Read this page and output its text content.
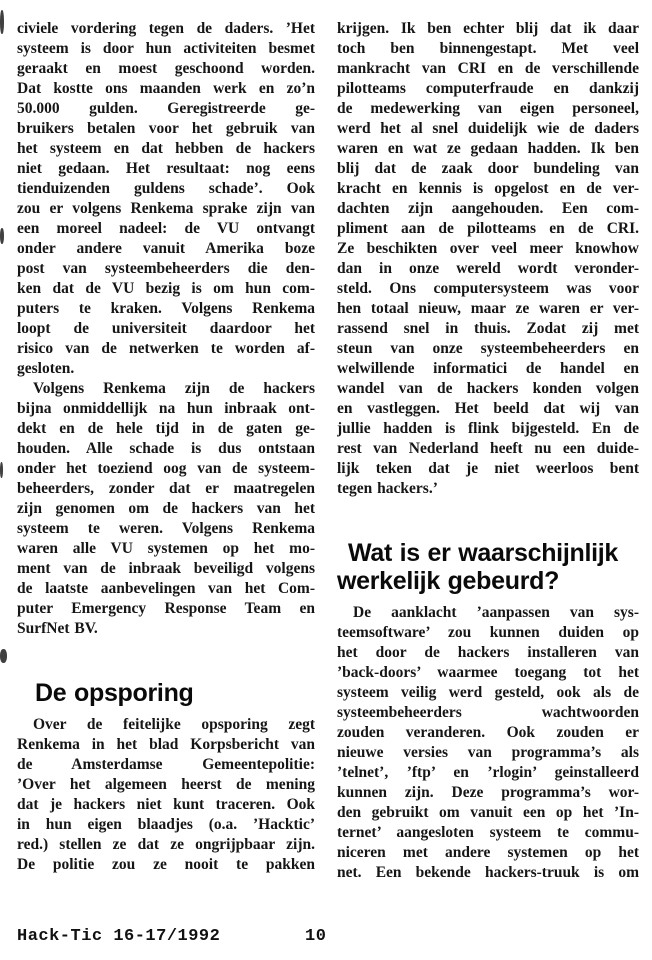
civiele vordering tegen de daders. ’Het
systeem is door hun activiteiten besmet
geraakt en moest geschoond worden.
Dat kostte ons maanden werk en zo’n
50.000 gulden. Geregistreerde ge-
bruikers betalen voor het gebruik van
het systeem en dat hebben de hackers
niet gedaan. Het resultaat: nog eens
tienduizenden guldens schade’. Ook
zou er volgens Renkema sprake zijn van
een moreel nadeel: de VU ontvangt
onder andere vanuit Amerika boze
post van systeembeheerders die den-
ken dat de VU bezig is om hun com-
puters te kraken. Volgens Renkema
loopt de universiteit daardoor het
risico van de netwerken te worden af-
gesloten.
Volgens Renkema zijn de hackers
bijna onmiddellijk na hun inbraak ont-
dekt en de hele tijd in de gaten ge-
houden. Alle schade is dus ontstaan
onder het toeziend oog van de systeem-
beheerders, zonder dat er maatregelen
zijn genomen om de hackers van het
systeem te weren. Volgens Renkema
waren alle VU systemen op het mo-
ment van de inbraak beveiligd volgens
de laatste aanbevelingen van het Com-
puter Emergency Response Team en
SurfNet BV.
De opsporing
Over de feitelijke opsporing zegt
Renkema in het blad Korpsbericht van
de Amsterdamse Gemeentepolitie:
’Over het algemeen heerst de mening
dat je hackers niet kunt traceren. Ook
in hun eigen blaadjes (o.a. ’Hacktic’
red.) stellen ze dat ze ongrijpbaar zijn.
De politie zou ze nooit te pakken
krijgen. Ik ben echter blij dat ik daar
toch ben binnengestapt. Met veel
mankracht van CRI en de verschillende
pilotteams computerfraude en dankzij
de medewerking van eigen personeel,
werd het al snel duidelijk wie de daders
waren en wat ze gedaan hadden. Ik ben
blij dat de zaak door bundeling van
kracht en kennis is opgelost en de ver-
dachten zijn aangehouden. Een com-
pliment aan de pilotteams en de CRI.
Ze beschikten over veel meer knowhow
dan in onze wereld wordt veronder-
steld. Ons computersysteem was voor
hen totaal nieuw, maar ze waren er ver-
rassend snel in thuis. Zodat zij met
steun van onze systeembeheerders en
welwillende informatici de handel en
wandel van de hackers konden volgen
en vastleggen. Het beeld dat wij van
jullie hadden is flink bijgesteld. En de
rest van Nederland heeft nu een duide-
lijk teken dat je niet weerloos bent
tegen hackers.’
Wat is er waarschijnlijk
werkelijk gebeurd?
De aanklacht ’aanpassen van sys-
teemsoftware’ zou kunnen duiden op
het door de hackers installeren van
’back-doors’ waarmee toegang tot het
systeem veilig werd gesteld, ook als de
systeembeheerders wachtwoorden
zouden veranderen. Ook zouden er
nieuwe versies van programma’s als
’telnet’, ’ftp’ en ’rlogin’ geinstalleerd
kunnen zijn. Deze programma’s wor-
den gebruikt om vanuit een op het ’In-
ternet’ aangesloten systeem te commu-
niceren met andere systemen op het
net. Een bekende hackers-truuk is om
Hack-Tic 16-17/1992	10
